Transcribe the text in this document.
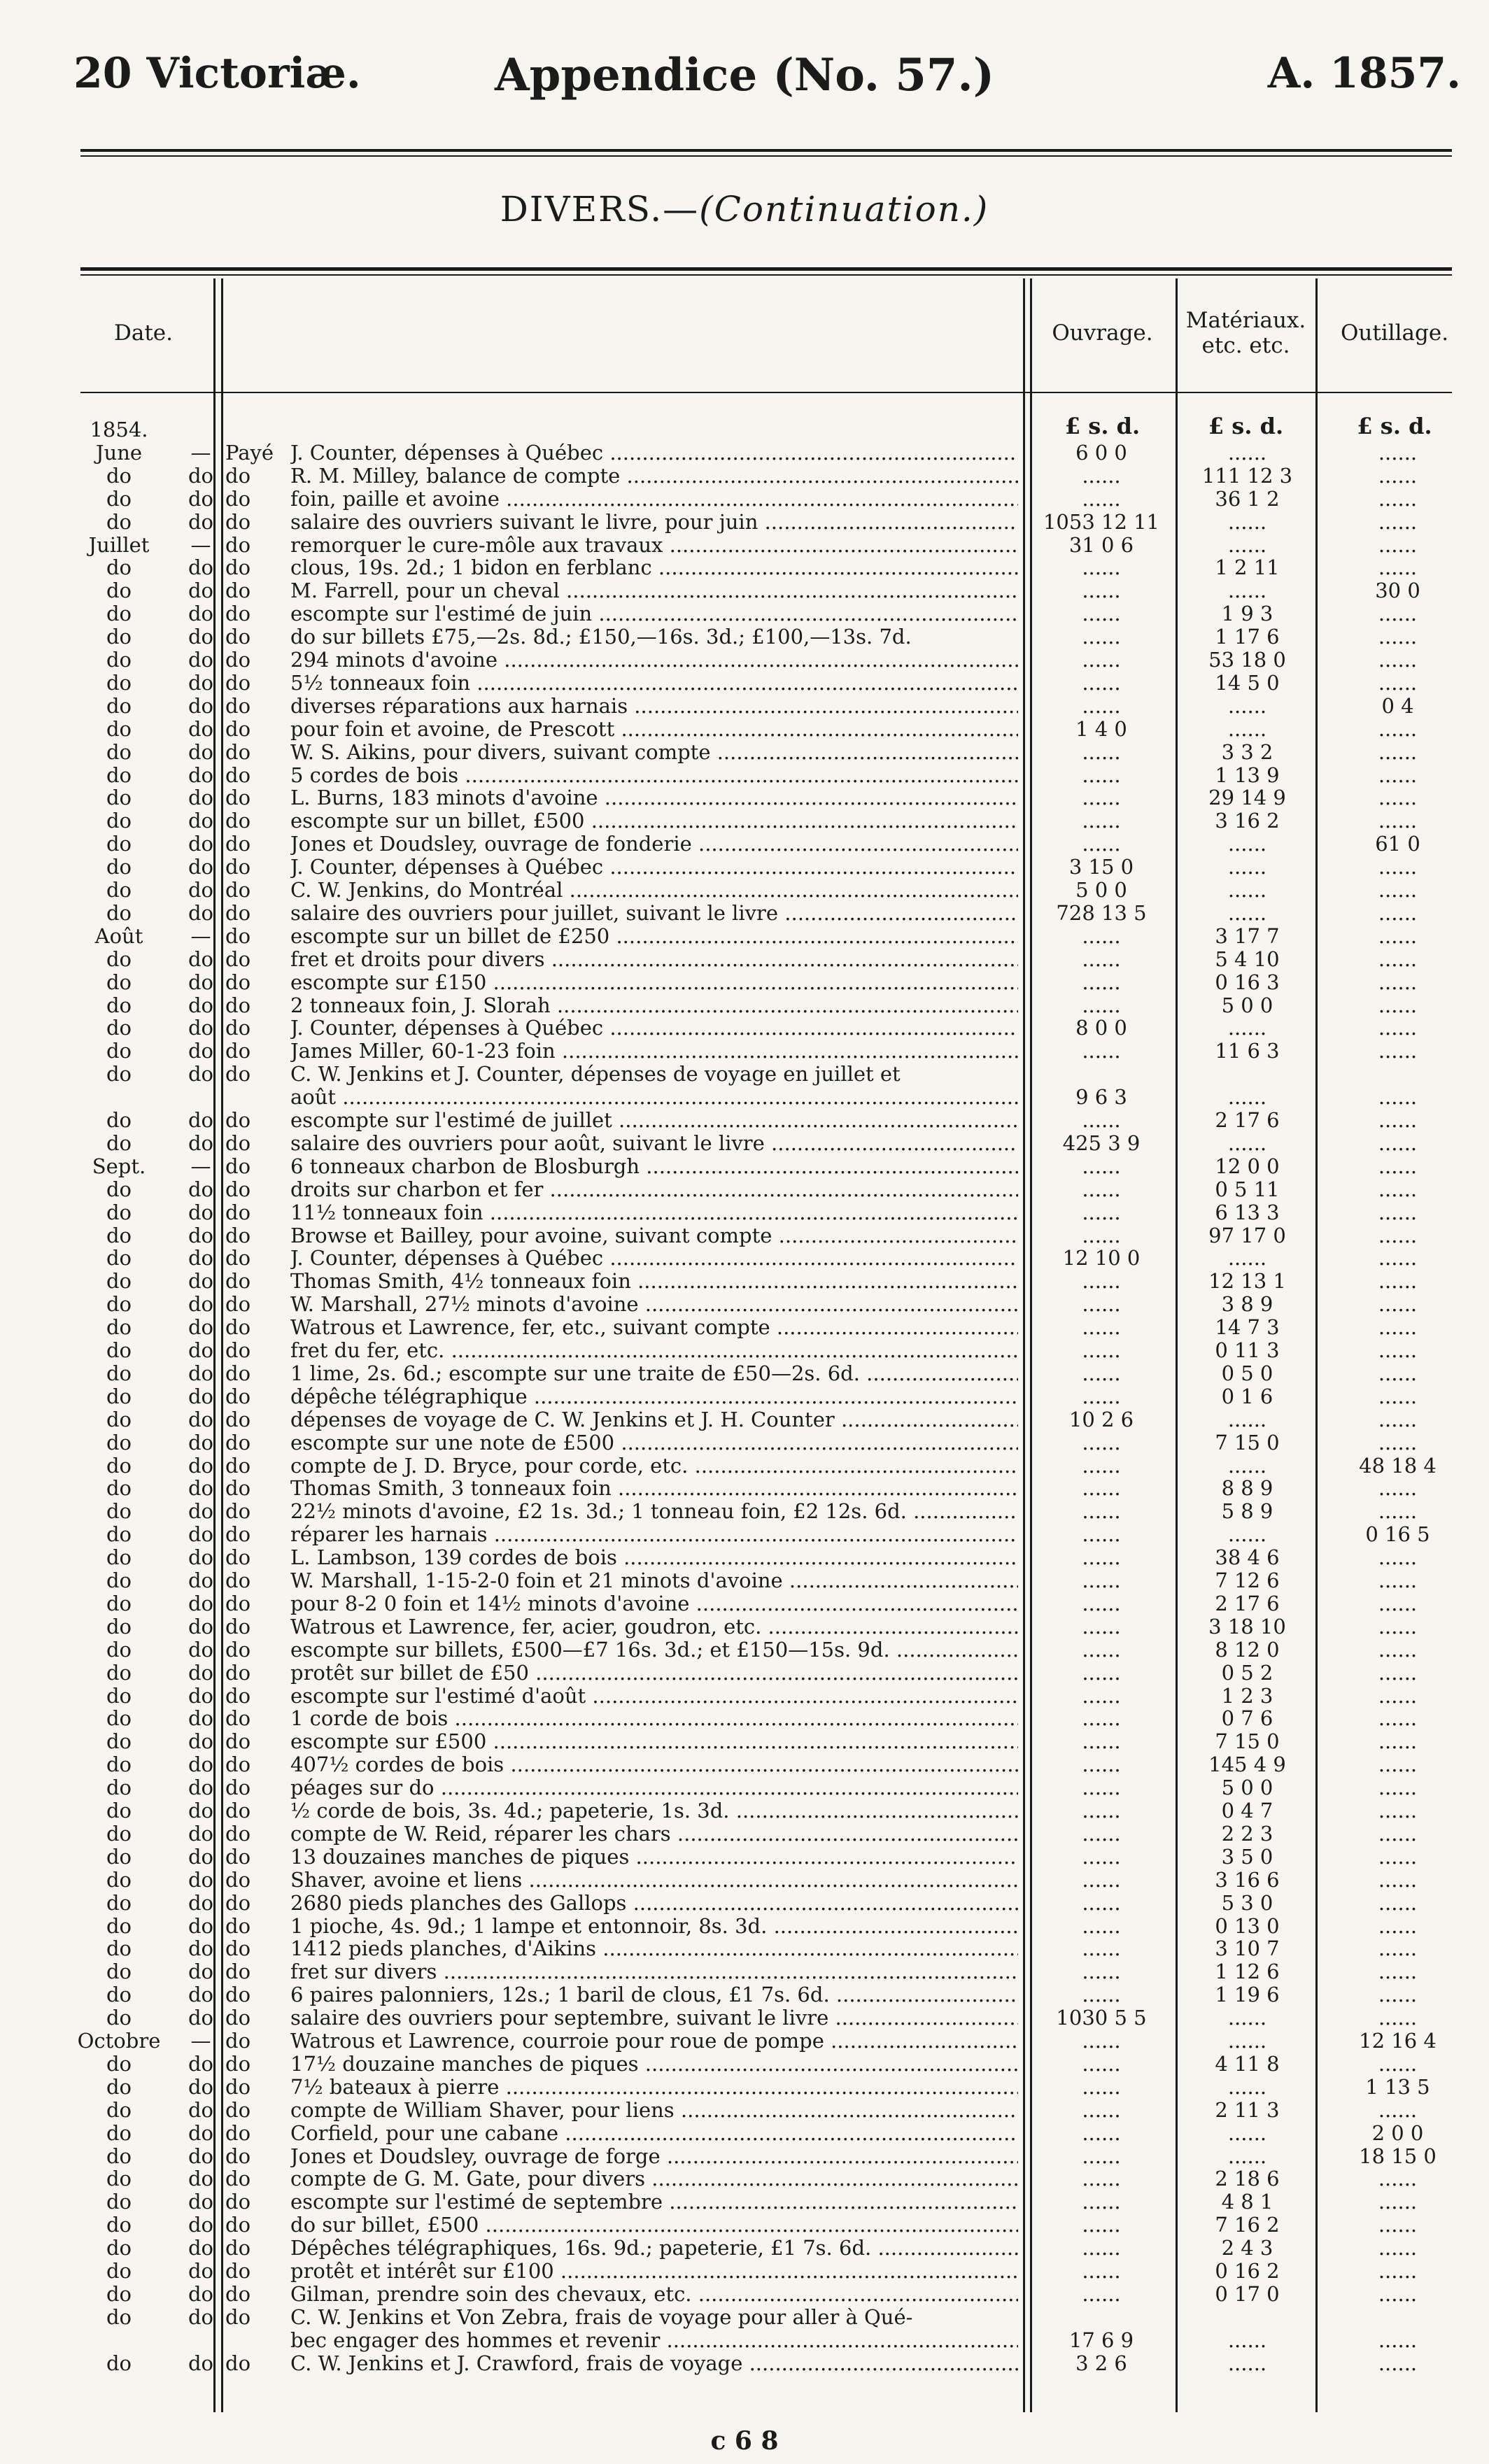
Appendice (No. 57.)
20 Victoriæ.	A. 1857.
DIVERS.—(Continuation.)
Date.	Ouvrage.	Matériaux. etc. etc.	Outillage.
£ s. d.	£ s. d.	£ s. d.
1854.
June	— Payé J. Counter, dépenses à Québec .....	6 0 0	......	......
do	do do	R. M. Milley, balance de compte .....	......	111 12 3	......
do	do do	foin, paille et avoine .....	......	36 1 2	......
do	do do	salaire des ouvriers suivant le livre, pour juin .....	1053 12 11	......	......
Juillet	— do	remorquer le cure-môle aux travaux .....	31 0 6	......	......
do	do do	clous, 19s. 2d.; 1 bidon en ferblanc .....	......	1 2 11	......
do	do do	M. Farrell, pour un cheval .....	......	......	30 0
do	do do	escompte sur l'estimé de juin .....	......	1 9 3	......
do	do do	do sur billets £75,—2s. 8d.; £150,—16s. 3d.; £100,—13s. 7d.	......	1 17 6	......
do	do do	294 minots d'avoine .....	......	53 18 0	......
do	do do	5½ tonneaux foin .....	......	14 5 0	......
do	do do	diverses réparations aux harnais .....	......	......	0 4
do	do do	pour foin et avoine, de Prescott .....	1 4 0	......	......
do	do do	W. S. Aikins, pour divers, suivant compte .....	......	3 3 2	......
do	do do	5 cordes de bois .....	......	1 13 9	......
do	do do	L. Burns, 183 minots d'avoine .....	......	29 14 9	......
do	do do	escompte sur un billet, £500 .....	......	3 16 2	......
do	do do	Jones et Doudsley, ouvrage de fonderie .....	......	......	61 0
do	do do	J. Counter, dépenses à Québec .....	3 15 0	......	......
do	do do	C. W. Jenkins, do Montréal .....	5 0 0	......	......
do	do do	salaire des ouvriers pour juillet, suivant le livre .....	728 13 5	......	......
Août	— do	escompte sur un billet de £250 .....	......	3 17 7	......
do	do do	fret et droits pour divers .....	......	5 4 10	......
do	do do	escompte sur £150 .....	......	0 16 3	......
do	do do	2 tonneaux foin, J. Slorah .....	......	5 0 0	......
do	do do	J. Counter, dépenses à Québec .....	8 0 0	......	......
do	do do	James Miller, 60-1-23 foin .....	......	11 6 3	......
do	do do	C. W. Jenkins et J. Counter, dépenses de voyage en juillet et
août .....	9 6 3	......	......
do	do do	escompte sur l'estimé de juillet .....	......	2 17 6	......
do	do do	salaire des ouvriers pour août, suivant le livre .....	425 3 9	......	......
Sept.	— do	6 tonneaux charbon de Blosburgh .....	......	12 0 0	......
do	do do	droits sur charbon et fer .....	......	0 5 11	......
do	do do	11½ tonneaux foin .....	......	6 13 3	......
do	do do	Browse et Bailley, pour avoine, suivant compte .....	......	97 17 0	......
do	do do	J. Counter, dépenses à Québec .....	12 10 0	......	......
do	do do	Thomas Smith, 4½ tonneaux foin .....	......	12 13 1	......
do	do do	W. Marshall, 27½ minots d'avoine .....	......	3 8 9	......
do	do do	Watrous et Lawrence, fer, etc., suivant compte .....	......	14 7 3	......
do	do do	fret du fer, etc. .....	......	0 11 3	......
do	do do	1 lime, 2s. 6d.; escompte sur une traite de £50—2s. 6d. .....	......	0 5 0	......
do	do do	dépêche télégraphique .....	......	0 1 6	......
do	do do	dépenses de voyage de C. W. Jenkins et J. H. Counter .....	10 2 6	......	......
do	do do	escompte sur une note de £500 .....	......	7 15 0	......
do	do do	compte de J. D. Bryce, pour corde, etc. .....	......	......	48 18 4
do	do do	Thomas Smith, 3 tonneaux foin .....	......	8 8 9	......
do	do do	22½ minots d'avoine, £2 1s. 3d.; 1 tonneau foin, £2 12s. 6d. .....	......	5 8 9	......
do	do do	réparer les harnais .....	......	......	0 16 5
do	do do	L. Lambson, 139 cordes de bois .....	......	38 4 6	......
do	do do	W. Marshall, 1-15-2-0 foin et 21 minots d'avoine .....	......	7 12 6	......
do	do do	pour 8-2 0 foin et 14½ minots d'avoine .....	......	2 17 6	......
do	do do	Watrous et Lawrence, fer, acier, goudron, etc. .....	......	3 18 10	......
do	do do	escompte sur billets, £500—£7 16s. 3d.; et £150—15s. 9d. .....	......	8 12 0	......
do	do do	protêt sur billet de £50 .....	......	0 5 2	......
do	do do	escompte sur l'estimé d'août .....	......	1 2 3	......
do	do do	1 corde de bois .....	......	0 7 6	......
do	do do	escompte sur £500 .....	......	7 15 0	......
do	do do	407½ cordes de bois .....	......	145 4 9	......
do	do do	péages sur do .....	......	5 0 0	......
do	do do	½ corde de bois, 3s. 4d.; papeterie, 1s. 3d. .....	......	0 4 7	......
do	do do	compte de W. Reid, réparer les chars .....	......	2 2 3	......
do	do do	13 douzaines manches de piques .....	......	3 5 0	......
do	do do	Shaver, avoine et liens .....	......	3 16 6	......
do	do do	2680 pieds planches des Gallops .....	......	5 3 0	......
do	do do	1 pioche, 4s. 9d.; 1 lampe et entonnoir, 8s. 3d. .....	......	0 13 0	......
do	do do	1412 pieds planches, d'Aikins .....	......	3 10 7	......
do	do do	fret sur divers .....	......	1 12 6	......
do	do do	6 paires palonniers, 12s.; 1 baril de clous, £1 7s. 6d. .....	......	1 19 6	......
do	do do	salaire des ouvriers pour septembre, suivant le livre .....	1030 5 5	......	......
Octobre	— do	Watrous et Lawrence, courroie pour roue de pompe .....	......	......	12 16 4
do	do do	17½ douzaine manches de piques .....	......	4 11 8	......
do	do do	7½ bateaux à pierre .....	......	......	1 13 5
do	do do	compte de William Shaver, pour liens .....	......	2 11 3	......
do	do do	Corfield, pour une cabane .....	......	......	2 0 0
do	do do	Jones et Doudsley, ouvrage de forge .....	......	......	18 15 0
do	do do	compte de G. M. Gate, pour divers .....	......	2 18 6	......
do	do do	escompte sur l'estimé de septembre .....	......	4 8 1	......
do	do do	do sur billet, £500 .....	......	7 16 2	......
do	do do	Dépêches télégraphiques, 16s. 9d.; papeterie, £1 7s. 6d. .....	......	2 4 3	......
do	do do	protêt et intérêt sur £100 .....	......	0 16 2	......
do	do do	Gilman, prendre soin des chevaux, etc. .....	......	0 17 0	......
do	do do	C. W. Jenkins et Von Zebra, frais de voyage pour aller à Qué-
bec engager des hommes et revenir .....	17 6 9	......	......
do	do do	C. W. Jenkins et J. Crawford, frais de voyage .....	3 2 6	......	......
c 6 8
